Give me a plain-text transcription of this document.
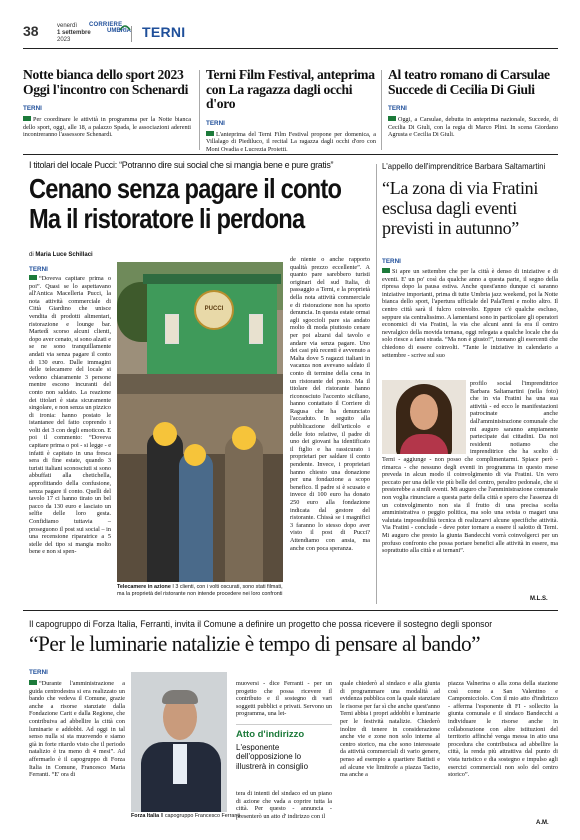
38	venerdì
1 settembre
2023
CORRIERE
UMBRIA TERNI
Notte bianca dello sport 2023
Oggi l'incontro con Schenardi
TERNI
Per coordinare le attività in programma per la Notte bianca dello sport, oggi, alle 18, a palazzo Spada, le associazioni aderenti incontreranno l'assessore Schenardi.
Terni Film Festival, anteprima
con La ragazza dagli occhi d'oro
TERNI
L'anteprima del Terni Film Festival propone per domenica, a Villalago di Piediluco, il recital La ragazza dagli occhi d'oro con Moni Ovadia e Lucrezia Proietti.
Al teatro romano di Carsulae
Succede di Cecilia Di Giuli
TERNI
Oggi, a Carsulae, debutta in anteprima nazionale, Succede, di Cecilia Di Giuli, con la regia di Marco Plini. In scena Giordano Agrusta e Cecilia Di Giuli.
I titolari del locale Pucci: “Potranno dire sui social che si mangia bene e pure gratis”
Cenano senza pagare il conto
Ma il ristoratore li perdona
di Maria Luce Schillaci
TERNI
“Doveva capitare prima o poi”. Quasi se lo aspettavano all'Antica Macelleria Pucci, la nota attività commerciale di Città Giardino che unisce vendita di prodotti alimentari, ristorazione e lounge bar. Martedì scorso alcuni clienti, dopo aver cenato, si sono alzati e se ne sono tranquillamente andati via senza pagare il conto di 130 euro. Dalle immagini delle telecamere del locale si vedono chiaramente 3 persone mentre escono incuranti del conto non saldato. La reazione dei titolari è stata sicuramente singolare, e non senza un pizzico di ironia: hanno postato le istantanee del fatto coprendo i volti dei 3 con degli emoticon. E poi il commento: “Doveva capitare prima o poi - si legge - e infatti è capitato in una fresca sera di fine estate, quando 3 turisti italiani sconosciuti si sono abbuffati alla chetichella, approfittando della confusione, senza pagare il conto. Quelli del tavolo 17 ci hanno tirato un bel pacco da 130 euro e lasciato un selfie delle loro gesta. Confidiamo tuttavia – proseguono il post sui social – in una recensione riparatrice a 5 stelle del tipo si mangia molto bene e non si spen-
PUCCI
Telecamere in azione I 3 clienti, con i volti oscurati, sono stati filmati, ma la proprietà del ristorante non intende procedere nei loro confronti
de niente o anche rapporto qualità prezzo eccellente”. A quanto pare sarebbero turisti originari del sud Italia, di passaggio a Terni, e la proprietà della nota attività commerciale e di ristorazione non ha sporto denuncia. In questa estate ormai agli sgoccioli pare sia andato molto di moda piuttosto cenare per poi alzarsi dal tavolo e andare via senza pagare. Uno dei casi più recenti è avvenuto a Malta dove 5 ragazzi italiani in vacanza non avevano saldato il conto di termine della cena in un ristorante del posto. Ma il titolare del ristorante hanno riconosciuto l'accento siciliano, hanno contattato il Corriere di Ragusa che ha denunciato l'accaduto. In seguito alla pubblicazione dell'articolo e delle foto relative, il padre di uno dei giovani ha identificato il figlio e ha rassicurato i proprietari per saldare il conto pendente. Invece, i proprietari hanno chiesto una donazione per una fondazione a scopo benefico. Il padre si è scusato e invece di 100 euro ha donato 250 euro alla fondazione indicata dal gestore del ristorante. Chissà se i magnifici 3 faranno lo stesso dopo aver visto il post di Pucci? Attendiamo con ansia, ma anche con poca speranza.
L'appello dell'imprenditrice Barbara Saltamartini
“La zona di via Fratini
esclusa dagli eventi
previsti in autunno”
TERNI
Si apre un settembre che per la città è denso di iniziative e di eventi. E' un po' così da qualche anno a questa parte, il segno della ripresa dopo la pausa estiva. Anche quest'anno dunque ci saranno iniziative importanti, prima di tutte Umbria jazz weekend, poi la Notte bianca dello sport, l'apertura ufficiale del PalaTerni e molto altro. Il centro città sarà il fulcro coinvolto. Eppure c'è qualche escluso, seppure sia centralissimo. A lamentarsi sono in particolare gli operatori economici di via Fratini, la via che alcuni anni fa era il centro nevralgico della movida ternana, oggi relegata a qualche locale che da solo riesce a farsi strada. “Ma non è giusto!”, tuonano gli esercenti che chiedono di essere coinvolti. “Tante le iniziative in calendario a settembre - scrive sul suo
profilo social l'imprenditrice Barbara Saltamartini (nella foto) che in via Fratini ha una sua attività - ed ecco le manifestazioni patrocinate anche dall'amministrazione comunale che mi auguro saranno ampiamente partecipate dai cittadini. Da noi residenti notiamo che imprenditrice che ha scelto di
Terni - aggiunge - non posso che complimentarmi. Spiace però - rimarca - che nessuno degli eventi in programma in questo mese preveda in alcun modo il coinvolgimento di via Fratini. Un vero peccato per una delle vie più belle del centro, peraltro pedonale, che si presterebbe a simili eventi. Mi auguro che l'amministrazione comunale non voglia rinunciare a questa parte della città e spero che l'assenza di un coinvolgimento non sia il frutto di una precisa scelta amministrativa o peggio politica, ma solo una svista o magari una valutata impossibilità tecnica di realizzarvi alcune specifiche attività. Via Fratini - conclude - deve poter tornare a essere il salotto di Terni. Mi auguro che presto la giunta Bandecchi vorrà coinvolgerci per un profuso confronto che possa portare benefici alle attività in essere, ma soprattutto alla città e ai ternani”.
M.L.S.
Il capogruppo di Forza Italia, Ferranti, invita il Comune a definire un progetto che possa ricevere il sostegno degli sponsor
“Per le luminarie natalizie è tempo di pensare al bando”
TERNI
“Durante l'amministrazione a guida centrodestra si era realizzato un bando che vedeva il Comune, grazie anche a risorse stanziate dalla Fondazione Carit e dalla Regione, che contribuiva ad abbellire la città con luminarie e addobbi. Ad oggi in tal senso nulla si sta muovendo e siamo già in forte ritardo visto che il periodo natalizio è tra meno di 4 mesi”. Ad affermarlo è il capogruppo di Forza Italia in Comune, Francesco Maria Ferranti. “E' ora di
Forza Italia Il capogruppo Francesco Ferranti
muoversi - dice Ferranti - per un progetto che possa ricevere il contributo e il sostegno di vari soggetti pubblici e privati. Servono un programma, una let-
Atto d'indirizzo
L'esponente dell'opposizione lo illustrerà in consiglio
tera di intenti del sindaco ed un piano di azione che vada a coprire tutta la città. Per questo - annuncia - presenterò un atto d' indirizzo con il
quale chiederò al sindaco e alla giunta di programmare una modalità ad evidenza pubblica con la quale stanziare le risorse per far sì che anche quest'anno Terni abbia i propri addobbi e luminarie per le festività natalizie. Chiederò inoltre di tenere in considerazione anche vie e zone non solo interne al centro storico, ma che sono interessate da attività commerciali di vario genere, penso ad esempio a quartiere Battisti e ad alcune vie limitrofe a piazza Tacito, ma anche a
piazza Valnerina o alla zona della stazione così come a San Valentino e Campomicciolo. Con il mio atto d'indirizzo - afferma l'esponente di FI - sollecito la giunta comunale e il sindaco Bandecchi a individuare le risorse anche in collaborazione con altre istituzioni del territorio affinché venga messa in atto una procedura che contribuisca ad abbellire la città, la renda più attrattiva dal punto di vista turistico e dia sostegno e impulso agli esercizi commerciali non solo del centro storico”.
A.M.
